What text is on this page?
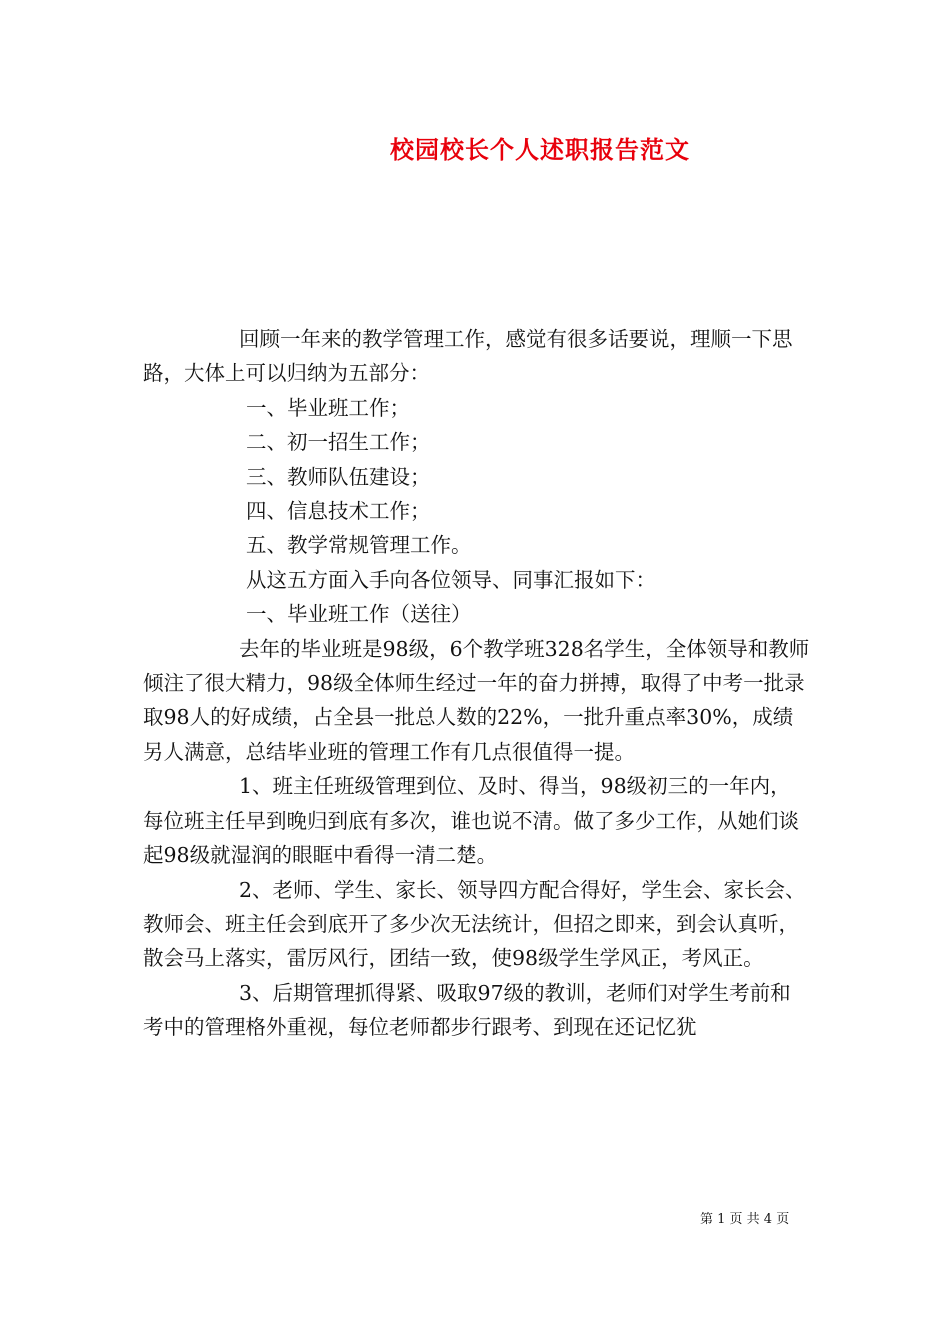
校园校长个人述职报告范文

回顾一年来的教学管理工作，感觉有很多话要说，理顺一下思路，大体上可以归纳为五部分：

一、毕业班工作；

二、初一招生工作；

三、教师队伍建设；

四、信息技术工作；

五、教学常规管理工作。

从这五方面入手向各位领导、同事汇报如下：

一、毕业班工作（送往）

去年的毕业班是98级，6个教学班328名学生，全体领导和教师倾注了很大精力，98级全体师生经过一年的奋力拼搏，取得了中考一批录取98人的好成绩，占全县一批总人数的22%，一批升重点率30%，成绩另人满意，总结毕业班的管理工作有几点很值得一提。

1、班主任班级管理到位、及时、得当，98级初三的一年内，每位班主任早到晚归到底有多次，谁也说不清。做了多少工作，从她们谈起98级就湿润的眼眶中看得一清二楚。

2、老师、学生、家长、领导四方配合得好，学生会、家长会、教师会、班主任会到底开了多少次无法统计，但招之即来，到会认真听，散会马上落实，雷厉风行，团结一致，使98级学生学风正，考风正。

3、后期管理抓得紧、吸取97级的教训，老师们对学生考前和考中的管理格外重视，每位老师都步行跟考、到现在还记忆犹

第 1 页 共 4 页
